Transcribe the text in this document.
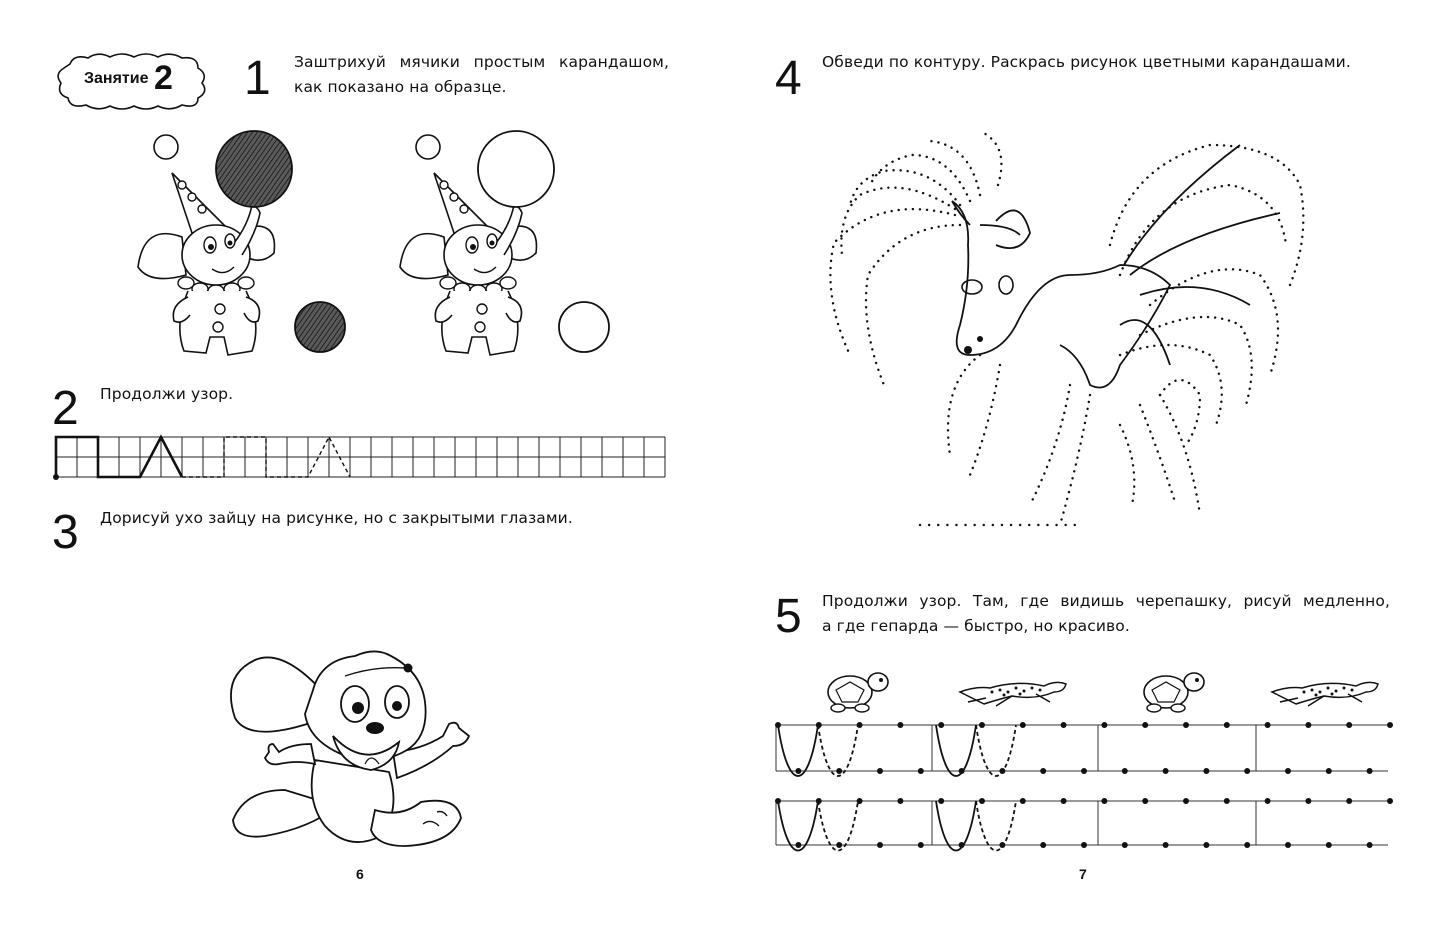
Занятие 2 1 Заштрихуй мячики простым карандашом,
как показано на образце.
2 Продолжи узор.
3 Дорисуй ухо зайцу на рисунке, но с закрытыми глазами.
6
4 Обведи по контуру. Раскрась рисунок цветными карандашами.
5 Продолжи узор. Там, где видишь черепашку, рисуй медленно,
а где гепарда — быстро, но красиво.
7
